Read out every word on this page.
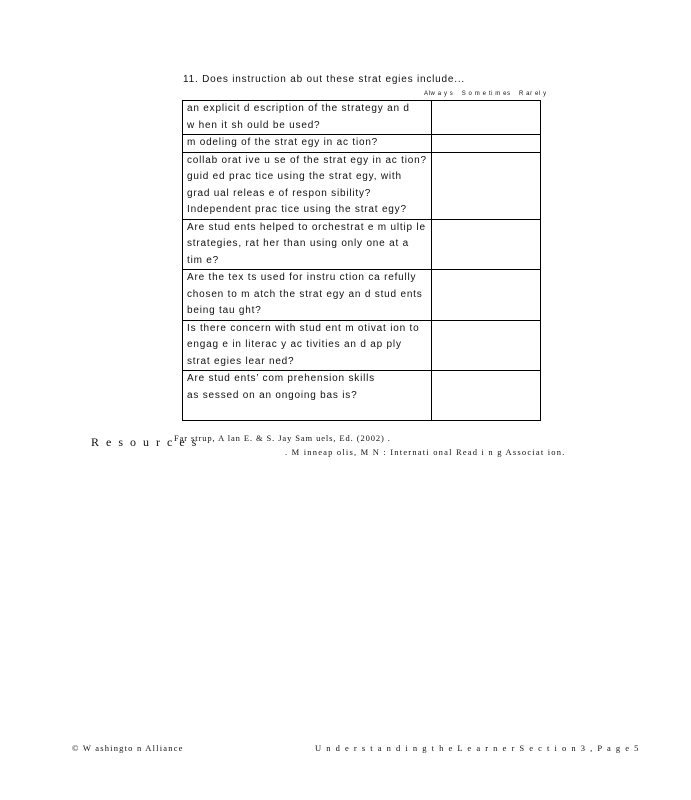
11. Does instruction ab out these strat egies include...
Alw a y s S o m e ti m es R ar el y
an explicit d escription of the strategy an d
w hen it sh ould be used?	
m odeling of the strat egy in ac tion?	
collab orat ive u se of the strat egy in ac tion?
guid ed prac tice using the strat egy, with
grad ual releas e of respon sibility?
Independent prac tice using the strat egy?	
Are stud ents helped to orchestrat e m ultip le
strategies, rat her than using only one at a
tim e?	
Are the tex ts used for instru ction ca refully
chosen to m atch the strat egy an d stud ents
being tau ght?	
Is there concern with stud ent m otivat ion to
engag e in literac y ac tivities an d ap ply
strat egies lear ned?	
Are stud ents’ com prehension skills
as sessed on an ongoing bas is?	
R e s o u r c e s
Far strup, A lan E. & S. Jay Sam uels, Ed. (2002) .
. M inneap olis, M N : Internati onal Read i n g Associat ion.
© W ashingto n Alliance	U n d e r s t a n d i n g t h e L e a r n e r S e c t i o n 3 , P a g e 5
